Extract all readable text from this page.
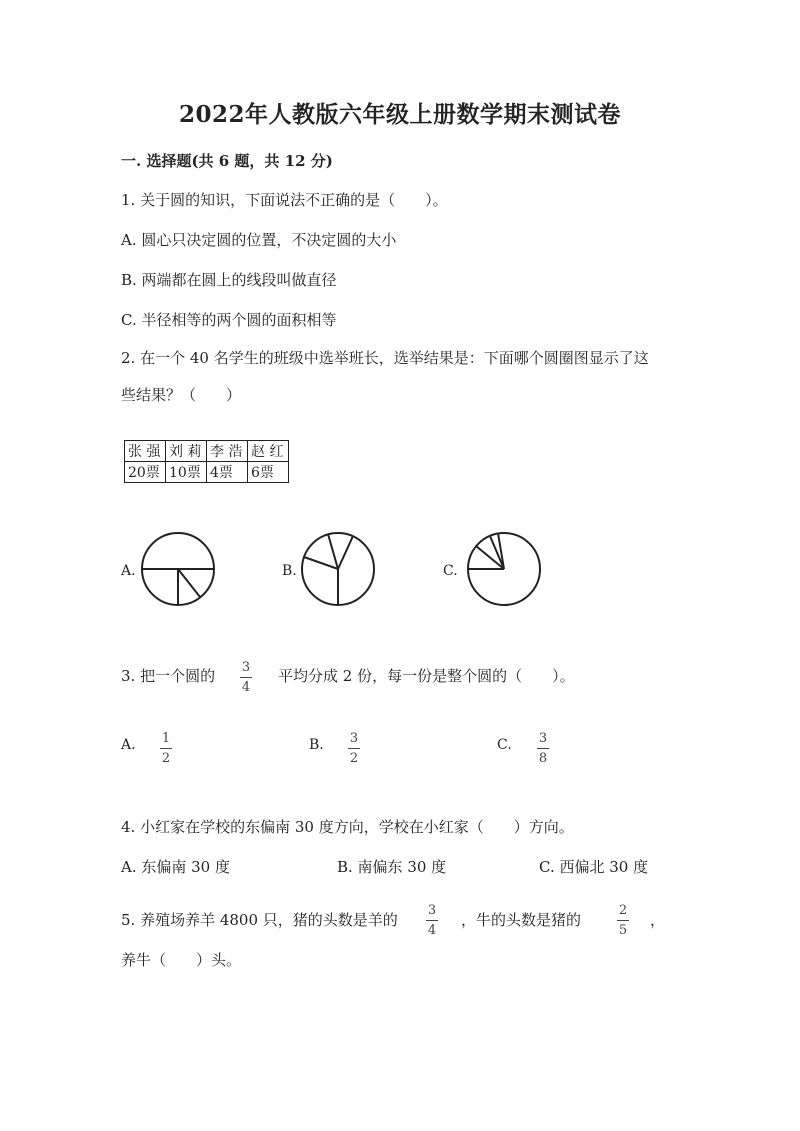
2022年人教版六年级上册数学期末测试卷
一. 选择题(共 6 题，共 12 分)
1. 关于圆的知识，下面说法不正确的是（　　）。
A. 圆心只决定圆的位置，不决定圆的大小
B. 两端都在圆上的线段叫做直径
C. 半径相等的两个圆的面积相等
2. 在一个 40 名学生的班级中选举班长，选举结果是：下面哪个圆圈图显示了这
些结果？（　　）
张 强	刘 莉	李 浩	赵 红
20票	10票	4票	6票
A.	B.	C.
3. 把一个圆的 3
4
平均分成 2 份，每一份是整个圆的（　　）。
A. 1
2
B. 3
2
C. 3
8
4. 小红家在学校的东偏南 30 度方向，学校在小红家（　　）方向。
A. 东偏南 30 度	B. 南偏东 30 度	C. 西偏北 30 度
5. 养殖场养羊 4800 只，猪的头数是羊的
3
4
，牛的头数是猪的
2
5
，
养牛（　　）头。
